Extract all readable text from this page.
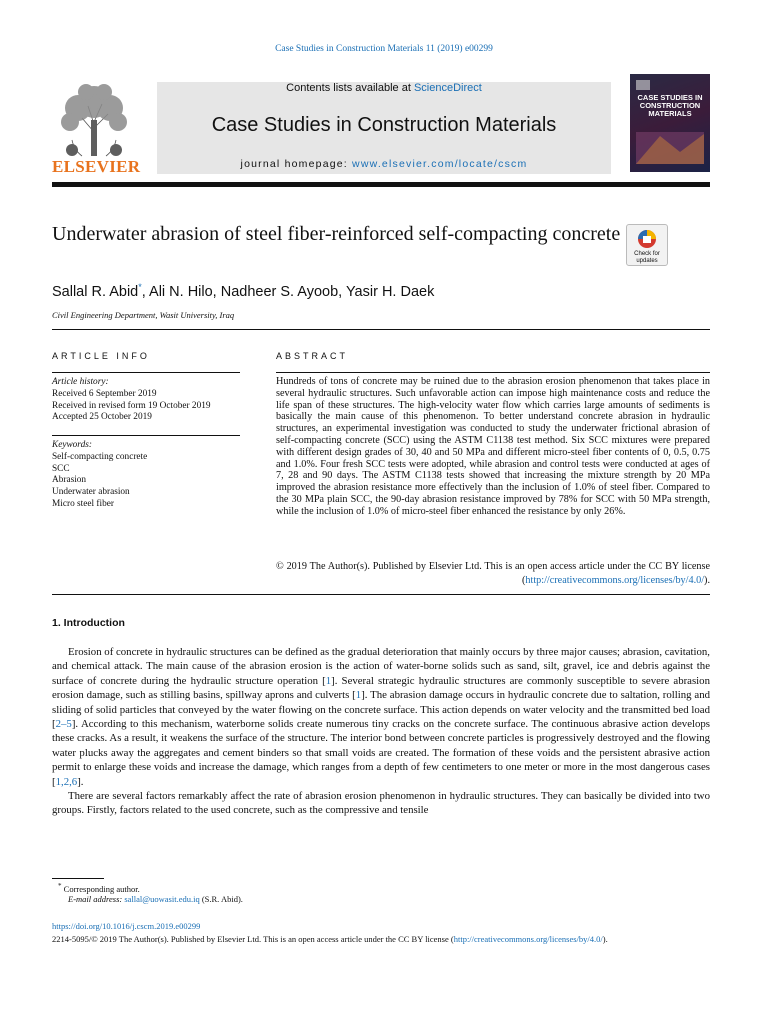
Case Studies in Construction Materials 11 (2019) e00299
ELSEVIER
Contents lists available at ScienceDirect
Case Studies in Construction Materials
journal homepage: www.elsevier.com/locate/cscm
CASE STUDIES IN CONSTRUCTION MATERIALS
Underwater abrasion of steel fiber-reinforced self-compacting concrete
Check for updates
Sallal R. Abid*, Ali N. Hilo, Nadheer S. Ayoob, Yasir H. Daek
Civil Engineering Department, Wasit University, Iraq
ARTICLE INFO	ABSTRACT
Article history:
Received 6 September 2019
Received in revised form 19 October 2019
Accepted 25 October 2019
Keywords:
Self-compacting concrete
SCC
Abrasion
Underwater abrasion
Micro steel fiber
Hundreds of tons of concrete may be ruined due to the abrasion erosion phenomenon that takes place in several hydraulic structures. Such unfavorable action can impose high maintenance costs and reduce the life span of these structures. The high-velocity water flow which carries large amounts of sediments is basically the main cause of this phenomenon. To better understand concrete abrasion in hydraulic structures, an experimental investigation was conducted to study the underwater frictional abrasion of self-compacting concrete (SCC) using the ASTM C1138 test method. Six SCC mixtures were prepared with different design grades of 30, 40 and 50 MPa and different micro-steel fiber contents of 0, 0.5, 0.75 and 1.0%. Four fresh SCC tests were adopted, while abrasion and control tests were conducted at ages of 7, 28 and 90 days. The ASTM C1138 tests showed that increasing the mixture strength by 20 MPa improved the abrasion resistance more effectively than the inclusion of 1.0% of steel fiber. Compared to the 30 MPa plain SCC, the 90-day abrasion resistance improved by 78% for SCC with 50 MPa strength, while the inclusion of 1.0% of micro-steel fiber enhanced the resistance by only 26%.
© 2019 The Author(s). Published by Elsevier Ltd. This is an open access article under the CC BY license (http://creativecommons.org/licenses/by/4.0/).
1. Introduction

Erosion of concrete in hydraulic structures can be defined as the gradual deterioration that mainly occurs by three major causes; abrasion, cavitation, and chemical attack. The main cause of the abrasion erosion is the action of water-borne solids such as sand, silt, gravel, ice and debris against the surface of concrete during the hydraulic structure operation [1]. Several strategic hydraulic structures are commonly susceptible to severe abrasion erosion damage, such as stilling basins, spillway aprons and culverts [1]. The abrasion damage occurs in hydraulic concrete due to saltation, rolling and sliding of solid particles that conveyed by the water flowing on the concrete surface. This action depends on water velocity and the transmitted bed load [2–5]. According to this mechanism, waterborne solids create numerous tiny cracks on the concrete surface. The continuous abrasive action develops these cracks. As a result, it weakens the surface of the structure. The interior bond between concrete particles is progressively destroyed and the flowing water plucks away the aggregates and cement binders so that small voids are created. The formation of these voids and the persistent abrasive action permit to enlarge these voids and increase the damage, which ranges from a depth of few centimeters to one meter or more in the most dangerous cases [1,2,6].

There are several factors remarkably affect the rate of abrasion erosion phenomenon in hydraulic structures. They can basically be divided into two groups. Firstly, factors related to the used concrete, such as the compressive and tensile

* Corresponding author.
E-mail address: sallal@uowasit.edu.iq (S.R. Abid).
https://doi.org/10.1016/j.cscm.2019.e00299
2214-5095/© 2019 The Author(s). Published by Elsevier Ltd. This is an open access article under the CC BY license (http://creativecommons.org/licenses/by/4.0/).
